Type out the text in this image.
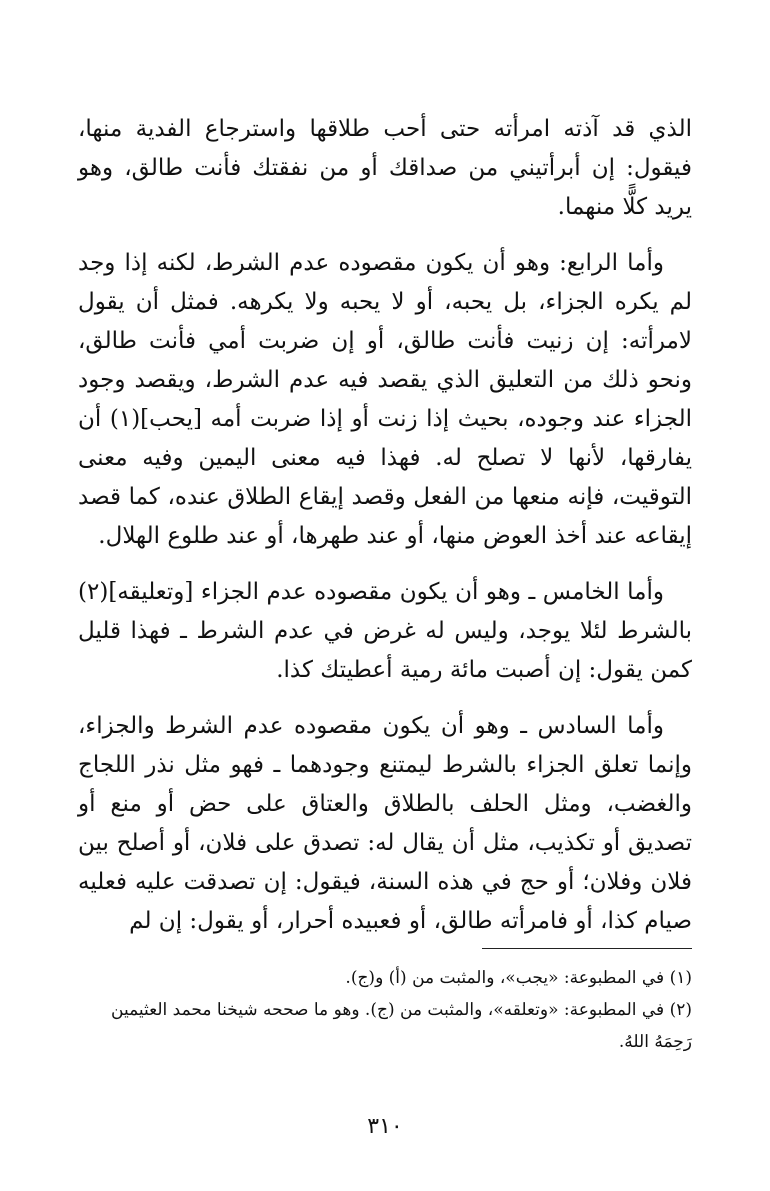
الذي قد آذته امرأته حتى أحب طلاقها واسترجاع الفدية منها، فيقول: إن أبرأتيني من صداقك أو من نفقتك فأنت طالق، وهو يريد كلًّا منهما.

وأما الرابع: وهو أن يكون مقصوده عدم الشرط، لكنه إذا وجد لم يكره الجزاء، بل يحبه، أو لا يحبه ولا يكرهه. فمثل أن يقول لامرأته: إن زنيت فأنت طالق، أو إن ضربت أمي فأنت طالق، ونحو ذلك من التعليق الذي يقصد فيه عدم الشرط، ويقصد وجود الجزاء عند وجوده، بحيث إذا زنت أو إذا ضربت أمه [يحب](١) أن يفارقها، لأنها لا تصلح له. فهذا فيه معنى اليمين وفيه معنى التوقيت، فإنه منعها من الفعل وقصد إيقاع الطلاق عنده، كما قصد إيقاعه عند أخذ العوض منها، أو عند طهرها، أو عند طلوع الهلال.

وأما الخامس ـ وهو أن يكون مقصوده عدم الجزاء [وتعليقه](٢) بالشرط لئلا يوجد، وليس له غرض في عدم الشرط ـ فهذا قليل كمن يقول: إن أصبت مائة رمية أعطيتك كذا.

وأما السادس ـ وهو أن يكون مقصوده عدم الشرط والجزاء، وإنما تعلق الجزاء بالشرط ليمتنع وجودهما ـ فهو مثل نذر اللجاج والغضب، ومثل الحلف بالطلاق والعتاق على حض أو منع أو تصديق أو تكذيب، مثل أن يقال له: تصدق على فلان، أو أصلح بين فلان وفلان؛ أو حج في هذه السنة، فيقول: إن تصدقت عليه فعليه صيام كذا، أو فامرأته طالق، أو فعبيده أحرار، أو يقول: إن لم

(١) في المطبوعة: «يجب»، والمثبت من (أ) و(ج).

(٢) في المطبوعة: «وتعلقه»، والمثبت من (ج). وهو ما صححه شيخنا محمد العثيمين رَحِمَهُ اللهُ.

٣١٠
